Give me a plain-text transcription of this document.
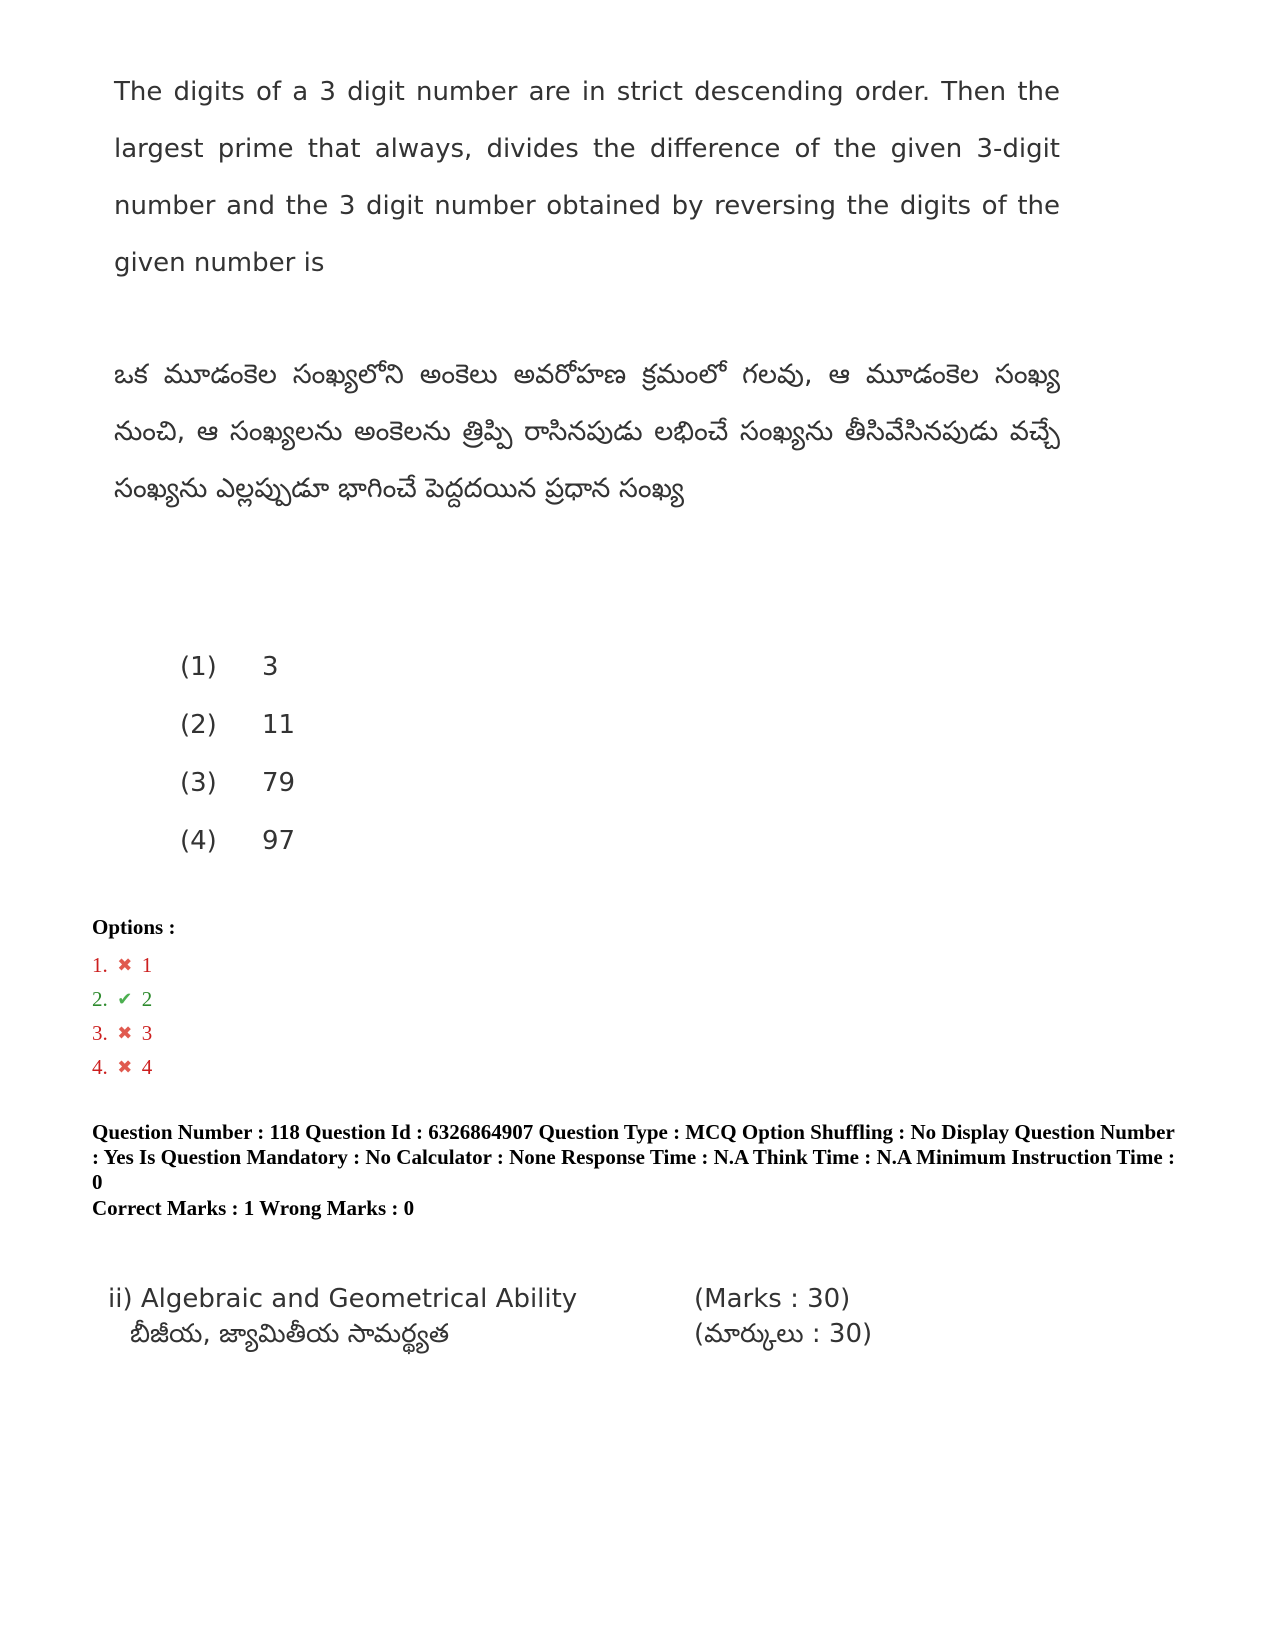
The digits of a 3 digit number are in strict descending order. Then the largest prime that always, divides the difference of the given 3-digit number and the 3 digit number obtained by reversing the digits of the given number is

ఒక మూడంకెల సంఖ్యలోని అంకెలు అవరోహణ క్రమంలో గలవు, ఆ మూడంకెల సంఖ్య నుంచి, ఆ సంఖ్యలను అంకెలను త్రిప్పి రాసినపుడు లభించే సంఖ్యను తీసివేసినపుడు వచ్చే సంఖ్యను ఎల్లప్పుడూ భాగించే పెద్దదయిన ప్రధాన సంఖ్య

(1)	3
(2)	11
(3)	79
(4)	97

Options :

1. ✖ 1
2. ✔ 2
3. ✖ 3
4. ✖ 4

Question Number : 118 Question Id : 6326864907 Question Type : MCQ Option Shuffling : No Display Question Number : Yes Is Question Mandatory : No Calculator : None Response Time : N.A Think Time : N.A Minimum Instruction Time : 0

Correct Marks : 1 Wrong Marks : 0

ii) Algebraic and Geometrical Ability	(Marks : 30)
బీజీయ, జ్యామితీయ సామర్థ్యత	(మార్కులు : 30)
